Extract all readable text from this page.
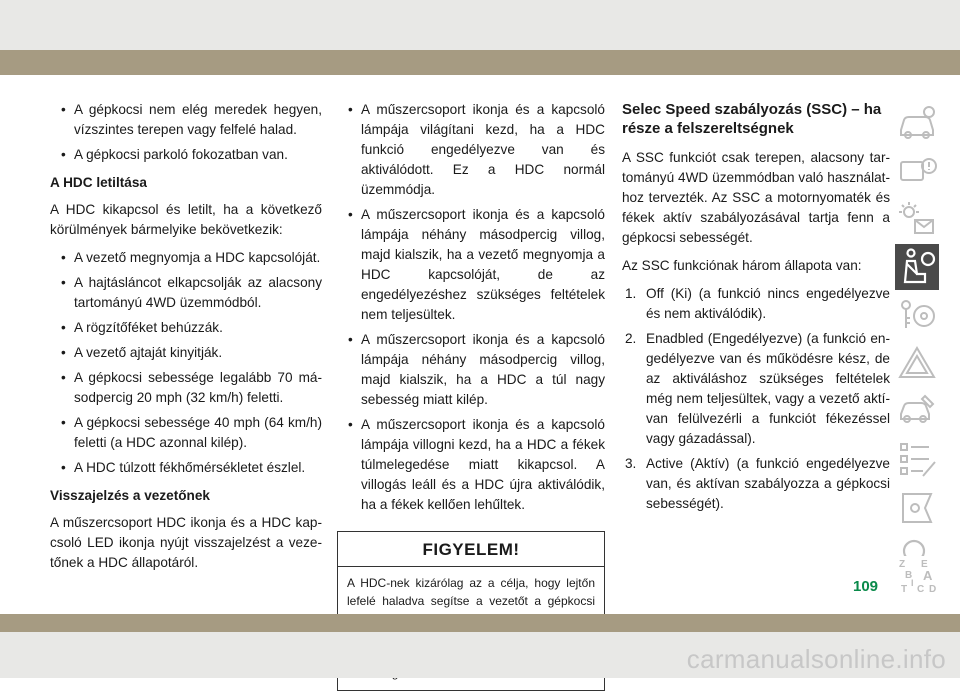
• A gépkocsi nem elég meredek hegyen, vízszintes terepen vagy felfelé halad.
• A gépkocsi parkoló fokozatban van.
A HDC letiltása
A HDC kikapcsol és letilt, ha a következő körülmények bármelyike bekövetkezik:
• A vezető megnyomja a HDC kapcsolóját.
• A hajtásláncot elkapcsolják az alacsony tartományú 4WD üzemmódból.
• A rögzítőféket behúzzák.
• A vezető ajtaját kinyitják.
• A gépkocsi sebessége legalább 70 má-sodpercig 20 mph (32 km/h) feletti.
• A gépkocsi sebessége 40 mph (64 km/h) feletti (a HDC azonnal kilép).
• A HDC túlzott fékhőmérsékletet észlel.
Visszajelzés a vezetőnek
A műszercsoport HDC ikonja és a HDC kap-csoló LED ikonja nyújt visszajelzést a veze-tőnek a HDC állapotáról.
• A műszercsoport ikonja és a kapcsoló lámpája világítani kezd, ha a HDC funkció engedélyezve van és aktiválódott. Ez a HDC normál üzemmódja.
• A műszercsoport ikonja és a kapcsoló lámpája néhány másodpercig villog, majd kialszik, ha a vezető megnyomja a HDC kapcsolóját, de az engedélyezéshez szükséges feltételek nem teljesültek.
• A műszercsoport ikonja és a kapcsoló lámpája néhány másodpercig villog, majd kialszik, ha a HDC a túl nagy sebesség miatt kilép.
• A műszercsoport ikonja és a kapcsoló lámpája villogni kezd, ha a HDC a fékek túlmelegedése miatt kikapcsol. A villogás leáll és a HDC újra aktiválódik, ha a fékek kellően lehűltek.
FIGYELEM!
A HDC-nek kizárólag az a célja, hogy lejtőn lefelé haladva segítse a vezetőt a gépkocsi
Selec Speed szabályozás (SSC) – ha része a felszereltségnek
A SSC funkciót csak terepen, alacsony tar-tományú 4WD üzemmódban való használat-hoz tervezték. Az SSC a motornyomaték és fékek aktív szabályozásával tartja fenn a gépkocsi sebességét.
Az SSC funkciónak három állapota van:
1. Off (Ki) (a funkció nincs engedélyezve és nem aktiválódik).
2. Enadbled (Engedélyezve) (a funkció en-gedélyezve van és működésre kész, de az aktiváláshoz szükséges feltételek még nem teljesültek, vagy a vezető aktí-van felülvezérli a funkciót fékezéssel vagy gázadással).
3. Active (Aktív) (a funkció engedélyezve van, és aktívan szabályozza a gépkocsi sebességét).
Z E
B A
I
C
T D
109
carmanualsonline.info
